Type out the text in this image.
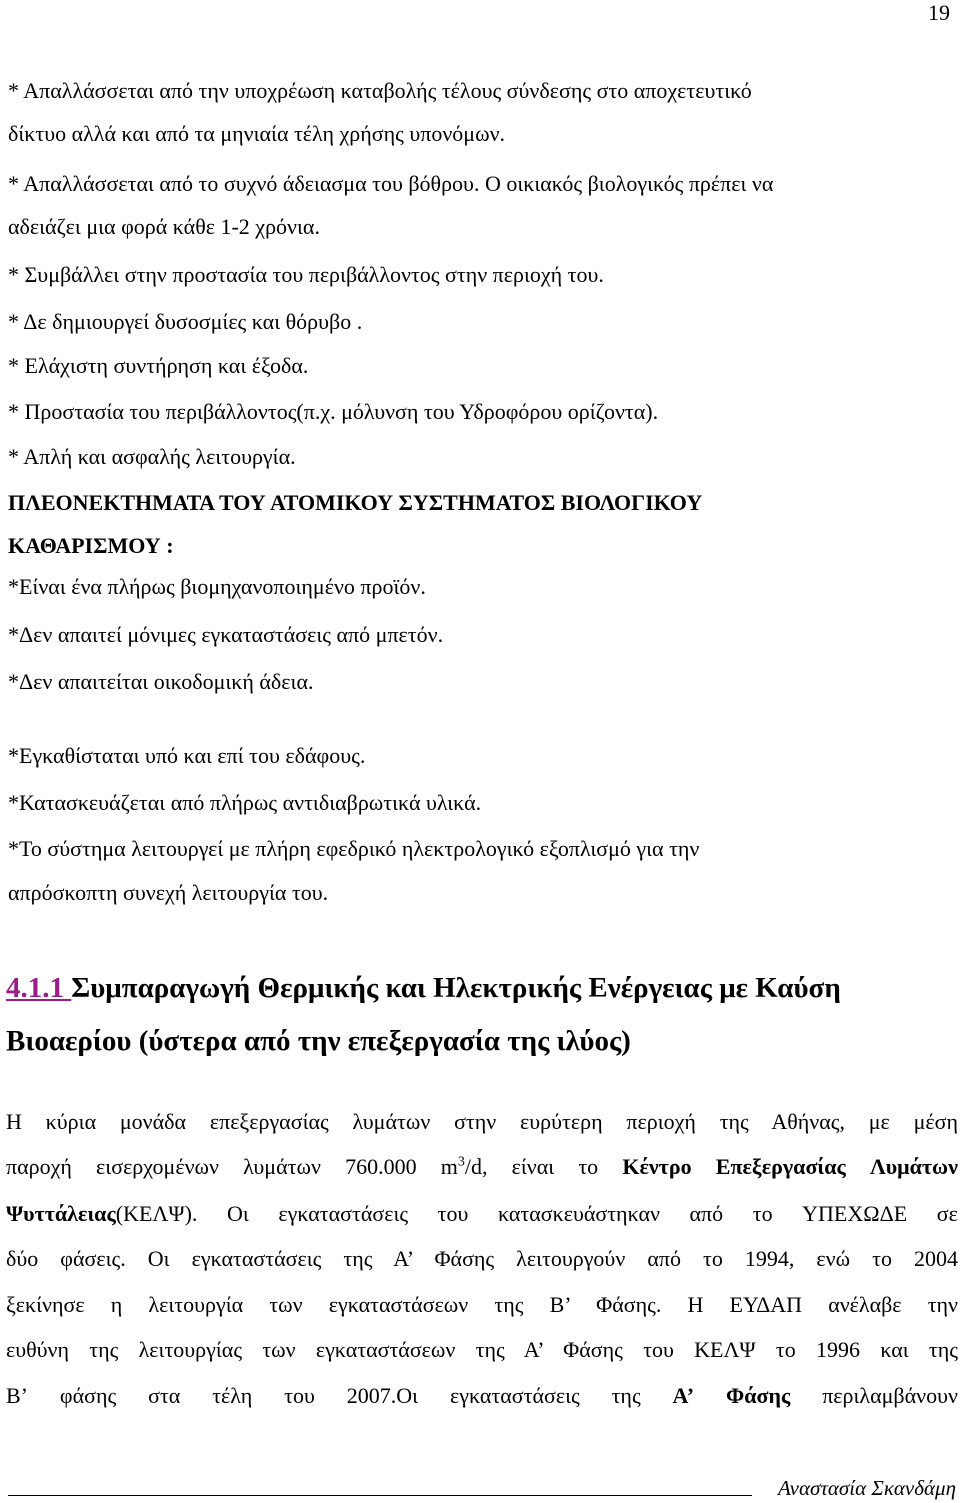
19
* Απαλλάσσεται από την υποχρέωση καταβολής τέλους σύνδεσης στο αποχετευτικό
δίκτυο αλλά και από τα μηνιαία τέλη χρήσης υπονόμων.
* Απαλλάσσεται από το συχνό άδειασμα του βόθρου. Ο οικιακός βιολογικός πρέπει να
αδειάζει μια φορά κάθε 1-2 χρόνια.
* Συμβάλλει στην προστασία του περιβάλλοντος στην περιοχή του.
* Δε δημιουργεί δυσοσμίες και θόρυβο .
* Ελάχιστη συντήρηση και έξοδα.
* Προστασία του περιβάλλοντος(π.χ. μόλυνση του Υδροφόρου ορίζοντα).
* Απλή και ασφαλής λειτουργία.
ΠΛΕΟΝΕΚΤΗΜΑΤΑ ΤΟΥ ΑΤΟΜΙΚΟΥ ΣΥΣΤΗΜΑΤΟΣ ΒΙΟΛΟΓΙΚΟΥ
ΚΑΘΑΡΙΣΜΟΥ :
*Είναι ένα πλήρως βιομηχανοποιημένο προϊόν.
*Δεν απαιτεί μόνιμες εγκαταστάσεις από μπετόν.
*Δεν απαιτείται οικοδομική άδεια.
*Εγκαθίσταται υπό και επί του εδάφους.
*Κατασκευάζεται από πλήρως αντιδιαβρωτικά υλικά.
*Το σύστημα λειτουργεί με πλήρη εφεδρικό ηλεκτρολογικό εξοπλισμό για την
απρόσκοπτη συνεχή λειτουργία του.
4.1.1 Συμπαραγωγή Θερμικής και Ηλεκτρικής Ενέργειας με Καύση
Βιοαερίου (ύστερα από την επεξεργασία της ιλύος)
Η κύρια μονάδα επεξεργασίας λυμάτων στην ευρύτερη περιοχή της Αθήνας, με μέση
παροχή εισερχομένων λυμάτων 760.000 $m^3/d$, είναι το Κέντρο Επεξεργασίας Λυμάτων
Ψυττάλειας(ΚΕΛΨ). Οι εγκαταστάσεις του κατασκευάστηκαν από το ΥΠΕΧΩΔΕ σε
δύο φάσεις. Οι εγκαταστάσεις της Α’ Φάσης λειτουργούν από το 1994, ενώ το 2004
ξεκίνησε η λειτουργία των εγκαταστάσεων της Β’ Φάσης. Η ΕΥΔΑΠ ανέλαβε την
ευθύνη της λειτουργίας των εγκαταστάσεων της Α’ Φάσης του ΚΕΛΨ το 1996 και της
Β’ φάσης στα τέλη του 2007.Οι εγκαταστάσεις της Α’ Φάσης περιλαμβάνουν
Αναστασία Σκανδάμη
